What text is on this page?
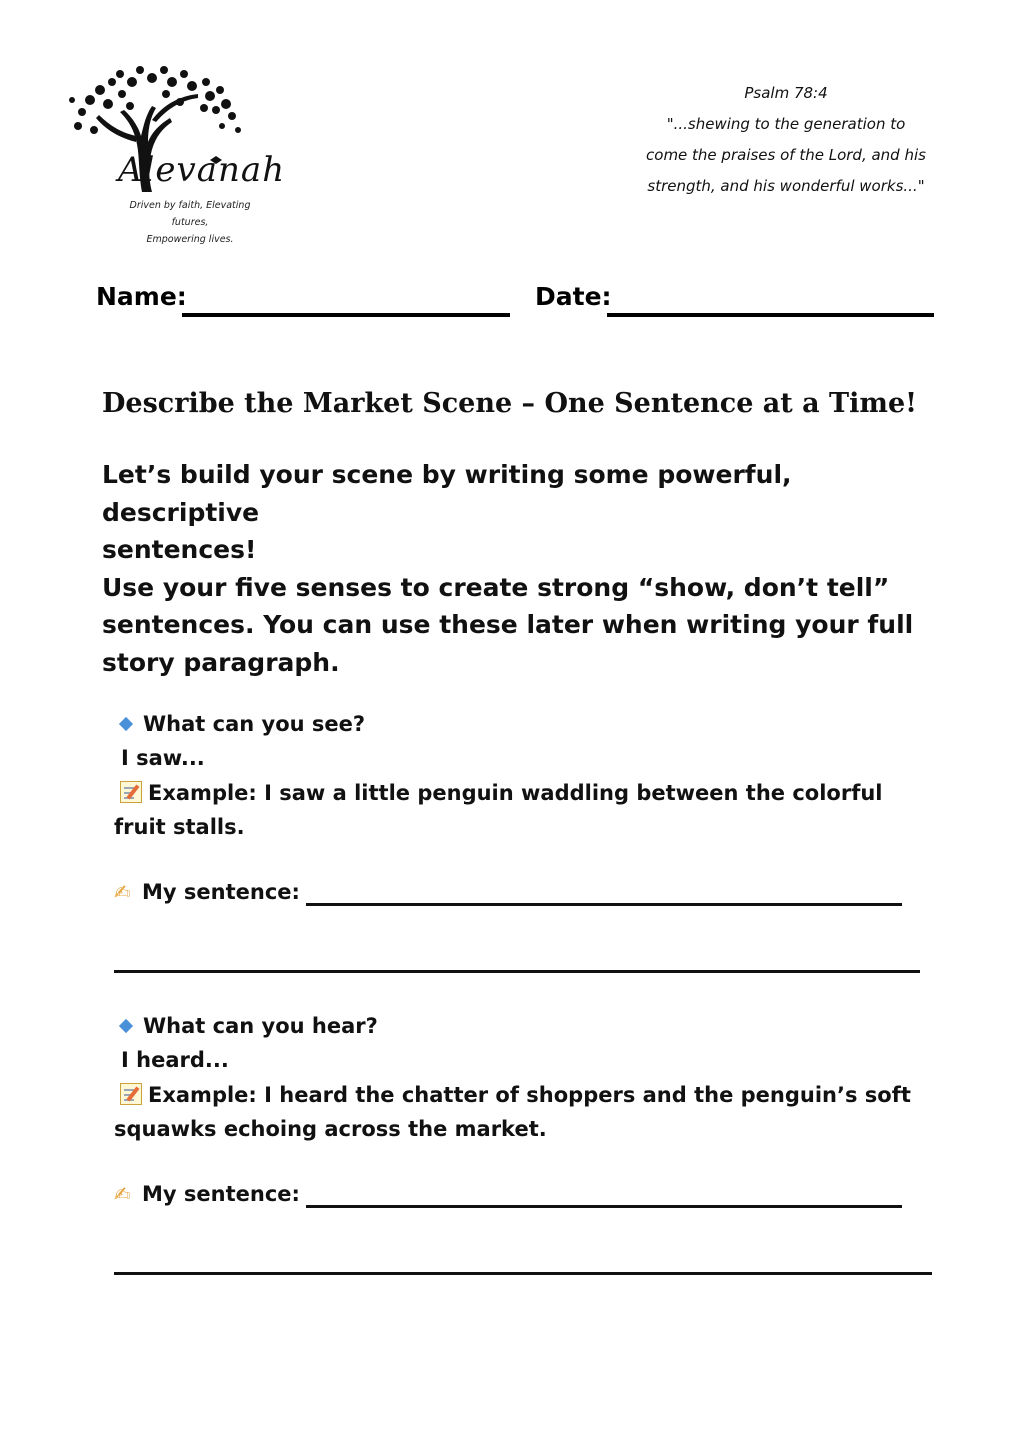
Alevanah
Driven by faith, Elevating futures,
Empowering lives.
Psalm 78:4
"...shewing to the generation to
come the praises of the Lord, and his
strength, and his wonderful works..."
Name:	Date:
Describe the Market Scene – One Sentence at a Time!
Let’s build your scene by writing some powerful, descriptive
sentences!
Use your five senses to create strong “show, don’t tell”
sentences. You can use these later when writing your full
story paragraph.
What can you see?
I saw...
Example: I saw a little penguin waddling between the colorful
fruit stalls.
✍ My sentence:
What can you hear?
I heard...
Example: I heard the chatter of shoppers and the penguin’s soft
squawks echoing across the market.
✍ My sentence:
